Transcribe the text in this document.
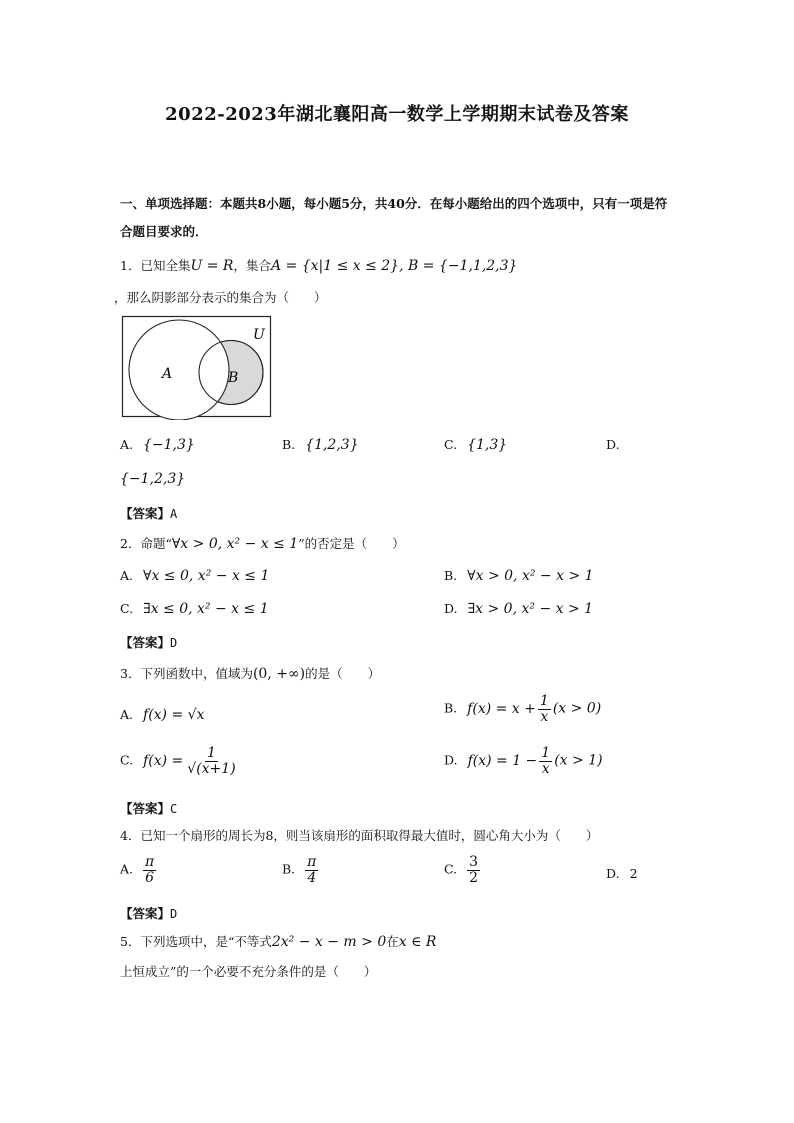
2022-2023年湖北襄阳高一数学上学期期末试卷及答案
一、单项选择题：本题共8小题，每小题5分，共40分．在每小题给出的四个选项中，只有一项是符合题目要求的．
1．已知全集U = R，集合A = {x|1 ≤ x ≤ 2}, B = {−1,1,2,3}
，那么阴影部分表示的集合为（　　）
U
A	B
A. {−1,3}	B. {1,2,3}	C. {1,3}	D.
{−1,2,3}
【答案】A
2．命题“∀x > 0, x² − x ≤ 1”的否定是（　　）
A. ∀x ≤ 0, x² − x ≤ 1	B. ∀x > 0, x² − x > 1
C. ∃x ≤ 0, x² − x ≤ 1	D. ∃x > 0, x² − x > 1
【答案】D
3．下列函数中，值域为(0, +∞)的是（　　）
A. f(x) = √x	B. $f(x) = x + \frac{1}{x} (x > 0)$
C. $f(x) = \frac{1}{√(x+1)}$	D. $f(x) = 1 - \frac{1}{x} (x > 1)$
【答案】C
4．已知一个扇形的周长为8，则当该扇形的面积取得最大值时，圆心角大小为（　　）
A. $\frac{\pi}{6}$	B. $\frac{\pi}{4}$	C. $\frac{3}{2}$	D. 2
【答案】D
5．下列选项中，是“不等式2x² − x − m > 0在x ∈ R
上恒成立”的一个必要不充分条件的是（　　）
